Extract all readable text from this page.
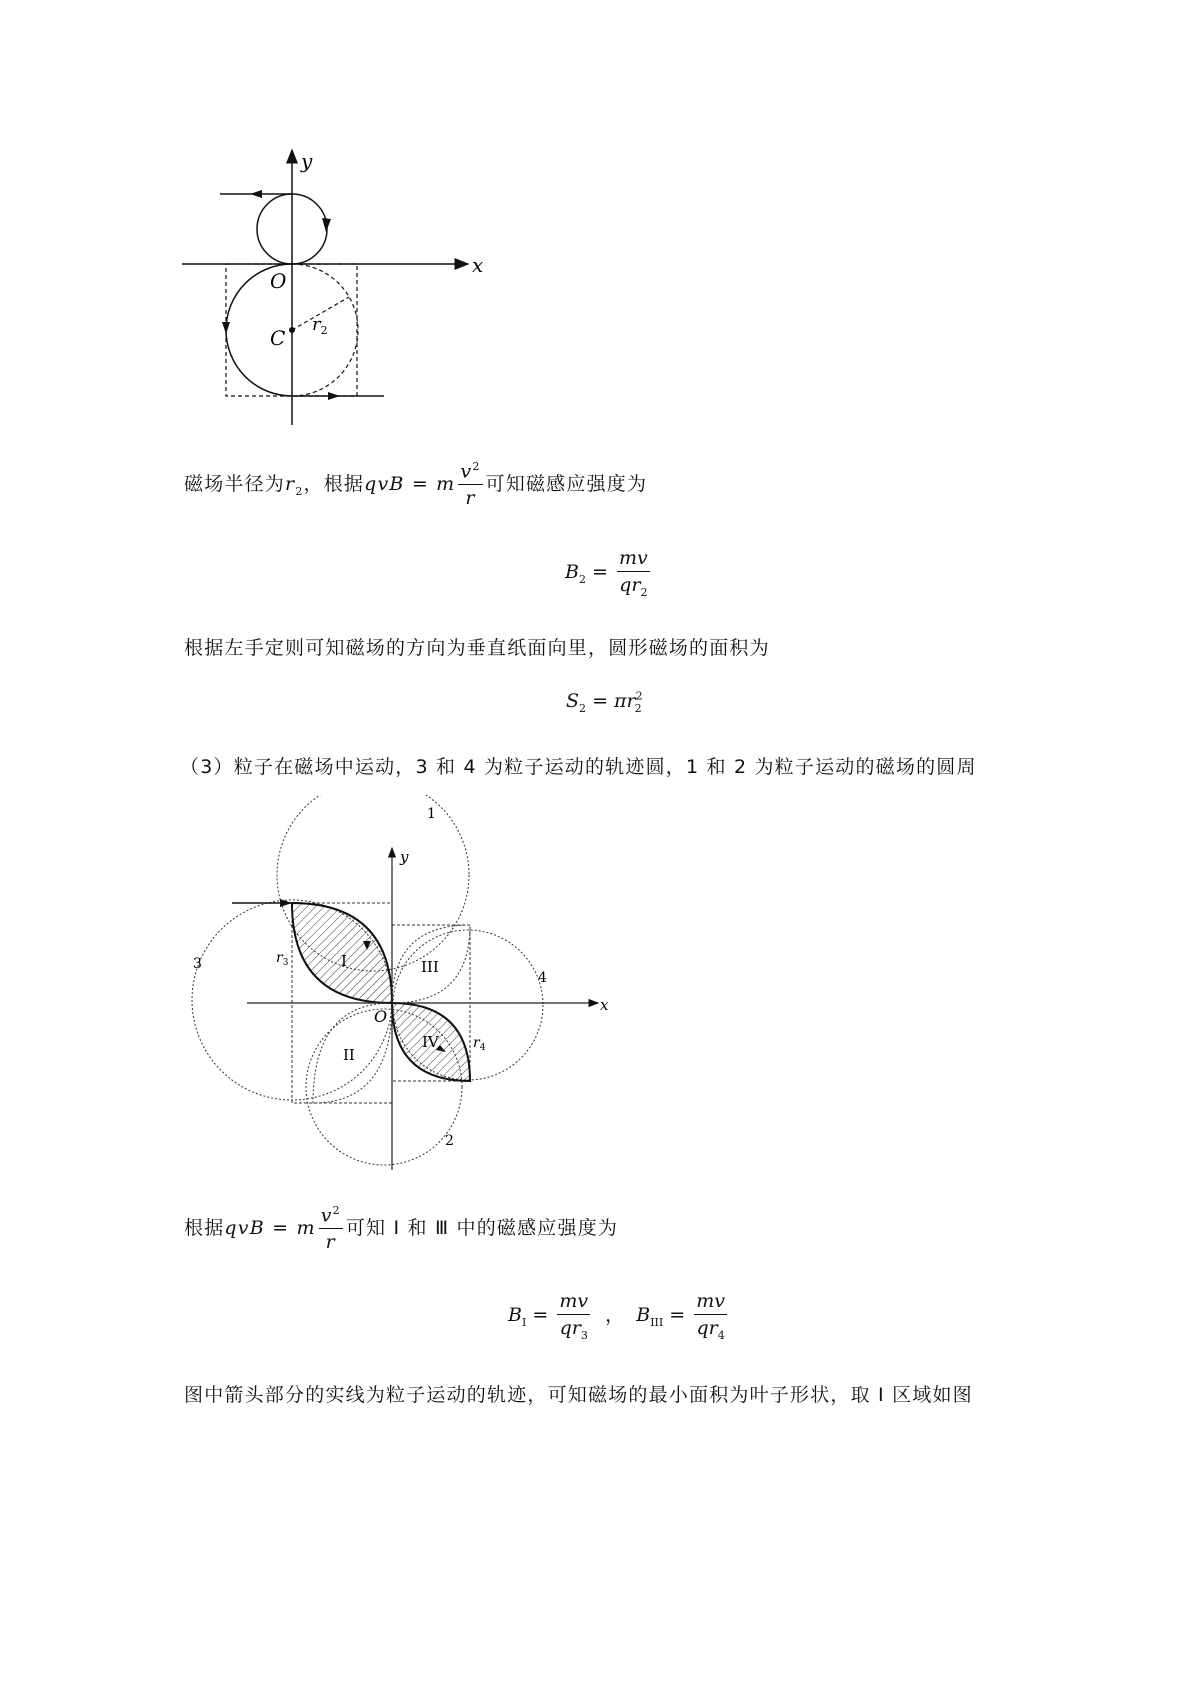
x
y
O
C
$r_2$
磁场半径为$r_2$，根据qvB = m $\frac{v^2}{r}$ 可知磁感应强度为
$B_2 = \frac{mv}{qr_2}$
根据左手定则可知磁场的方向为垂直纸面向里，圆形磁场的面积为
$S_2 = \pi r^2_2$
（3）粒子在磁场中运动，3 和 4 为粒子运动的轨迹圆，1 和 2 为粒子运动的磁场的圆周
x
y
O
1
2
3
4
I
II
III
IV
$r_3$
$r_4$
根据qvB = m $\frac{v^2}{r}$ 可知 Ⅰ 和 Ⅲ 中的磁感应强度为
$B_I = \frac{mv}{qr_3}$ ， $B_{III} = \frac{mv}{qr_4}$
图中箭头部分的实线为粒子运动的轨迹，可知磁场的最小面积为叶子形状，取 Ⅰ 区域如图
